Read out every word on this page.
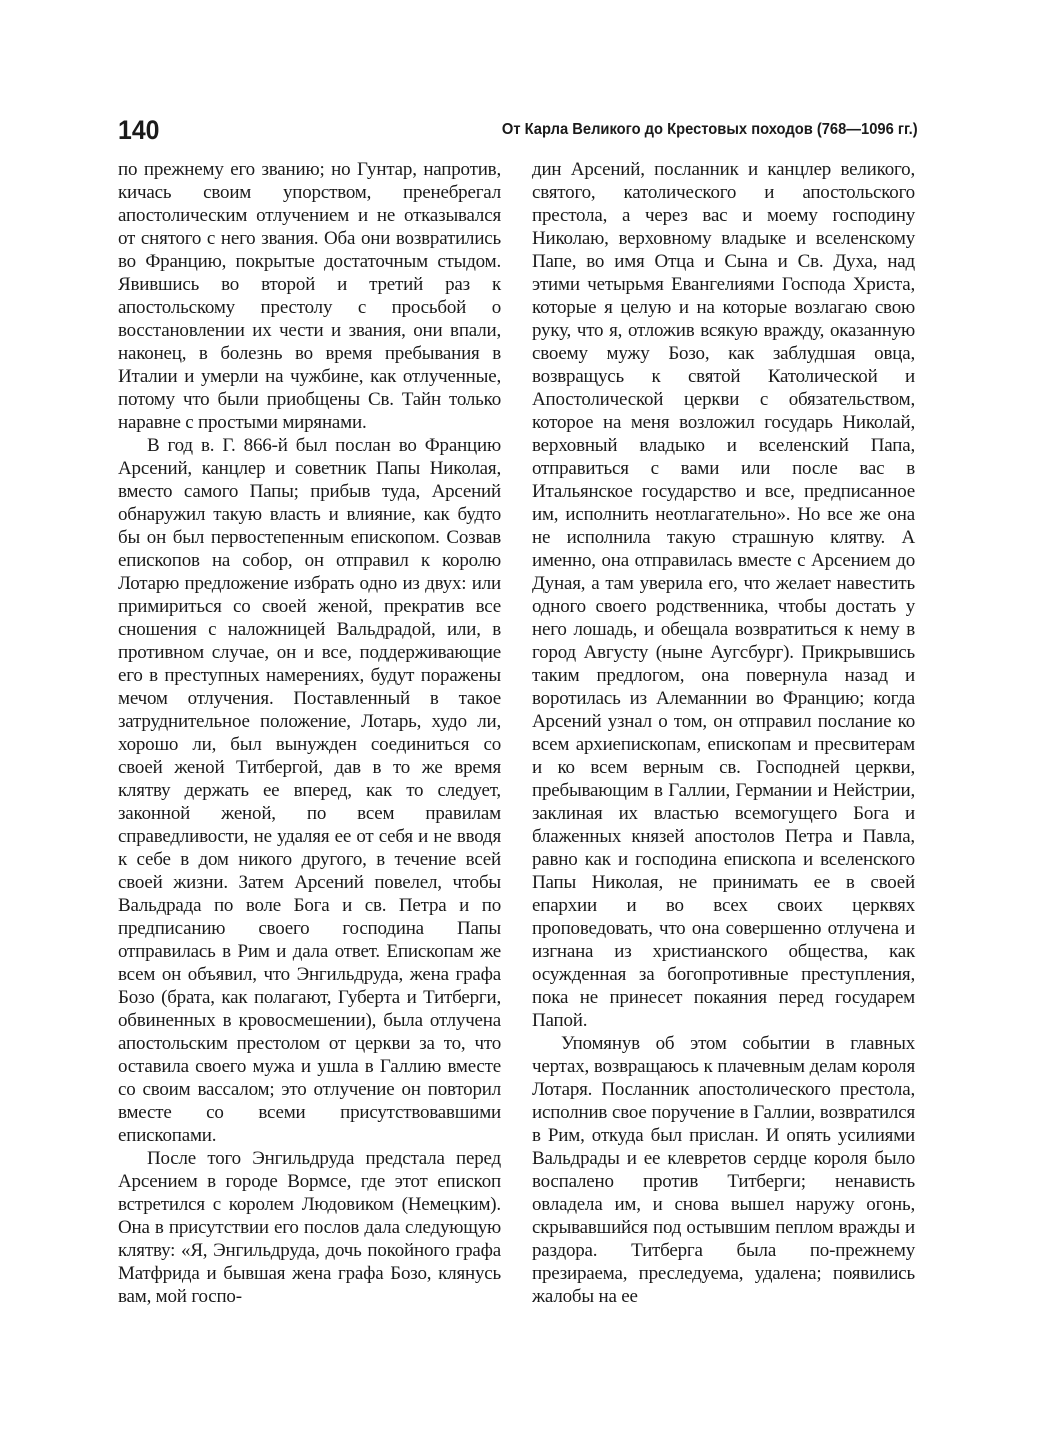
140	От Карла Великого до Крестовых походов (768—1096 гг.)

по прежнему его званию; но Гунтар, напротив, кичась своим упорством, пренебрегал апостолическим отлучением и не отказывался от снятого с него звания. Оба они возвратились во Францию, покрытые достаточным стыдом. Явившись во второй и третий раз к апостольскому престолу с просьбой о восстановлении их чести и звания, они впали, наконец, в болезнь во время пребывания в Италии и умерли на чужбине, как отлученные, потому что были приобщены Св. Тайн только наравне с простыми мирянами.

В год в. Г. 866-й был послан во Францию Арсений, канцлер и советник Папы Николая, вместо самого Папы; прибыв туда, Арсений обнаружил такую власть и влияние, как будто бы он был первостепенным епископом. Созвав епископов на собор, он отправил к королю Лотарю предложение избрать одно из двух: или примириться со своей женой, прекратив все сношения с наложницей Вальдрадой, или, в противном случае, он и все, поддерживающие его в преступных намерениях, будут поражены мечом отлучения. Поставленный в такое затруднительное положение, Лотарь, худо ли, хорошо ли, был вынужден соединиться со своей женой Титбергой, дав в то же время клятву держать ее вперед, как то следует, законной женой, по всем правилам справедливости, не удаляя ее от себя и не вводя к себе в дом никого другого, в течение всей своей жизни. Затем Арсений повелел, чтобы Вальдрада по воле Бога и св. Петра и по предписанию своего господина Папы отправилась в Рим и дала ответ. Епископам же всем он объявил, что Энгильдруда, жена графа Бозо (брата, как полагают, Губерта и Титберги, обвиненных в кровосмешении), была отлучена апостольским престолом от церкви за то, что оставила своего мужа и ушла в Галлию вместе со своим вассалом; это отлучение он повторил вместе со всеми присутствовавшими епископами.

После того Энгильдруда предстала перед Арсением в городе Вормсе, где этот епископ встретился с королем Людовиком (Немецким). Она в присутствии его послов дала следующую клятву: «Я, Энгильдруда, дочь покойного графа Матфрида и бывшая жена графа Бозо, клянусь вам, мой госпо-

дин Арсений, посланник и канцлер великого, святого, католического и апостольского престола, а через вас и моему господину Николаю, верховному владыке и вселенскому Папе, во имя Отца и Сына и Св. Духа, над этими четырьмя Евангелиями Господа Христа, которые я целую и на которые возлагаю свою руку, что я, отложив всякую вражду, оказанную своему мужу Бозо, как заблудшая овца, возвращусь к святой Католической и Апостолической церкви с обязательством, которое на меня возложил государь Николай, верховный владыко и вселенский Папа, отправиться с вами или после вас в Итальянское государство и все, предписанное им, исполнить неотлагательно». Но все же она не исполнила такую страшную клятву. А именно, она отправилась вместе с Арсением до Дуная, а там уверила его, что желает навестить одного своего родственника, чтобы достать у него лошадь, и обещала возвратиться к нему в город Августу (ныне Аугсбург). Прикрывшись таким предлогом, она повернула назад и воротилась из Алеманнии во Францию; когда Арсений узнал о том, он отправил послание ко всем архиепископам, епископам и пресвитерам и ко всем верным св. Господней церкви, пребывающим в Галлии, Германии и Нейстрии, заклиная их властью всемогущего Бога и блаженных князей апостолов Петра и Павла, равно как и господина епископа и вселенского Папы Николая, не принимать ее в своей епархии и во всех своих церквях проповедовать, что она совершенно отлучена и изгнана из христианского общества, как осужденная за богопротивные преступления, пока не принесет покаяния перед государем Папой.

Упомянув об этом событии в главных чертах, возвращаюсь к плачевным делам короля Лотаря. Посланник апостолического престола, исполнив свое поручение в Галлии, возвратился в Рим, откуда был прислан. И опять усилиями Вальдрады и ее клевретов сердце короля было воспалено против Титберги; ненависть овладела им, и снова вышел наружу огонь, скрывавшийся под остывшим пеплом вражды и раздора. Титберга была по-прежнему презираема, преследуема, удалена; появились жалобы на ее
